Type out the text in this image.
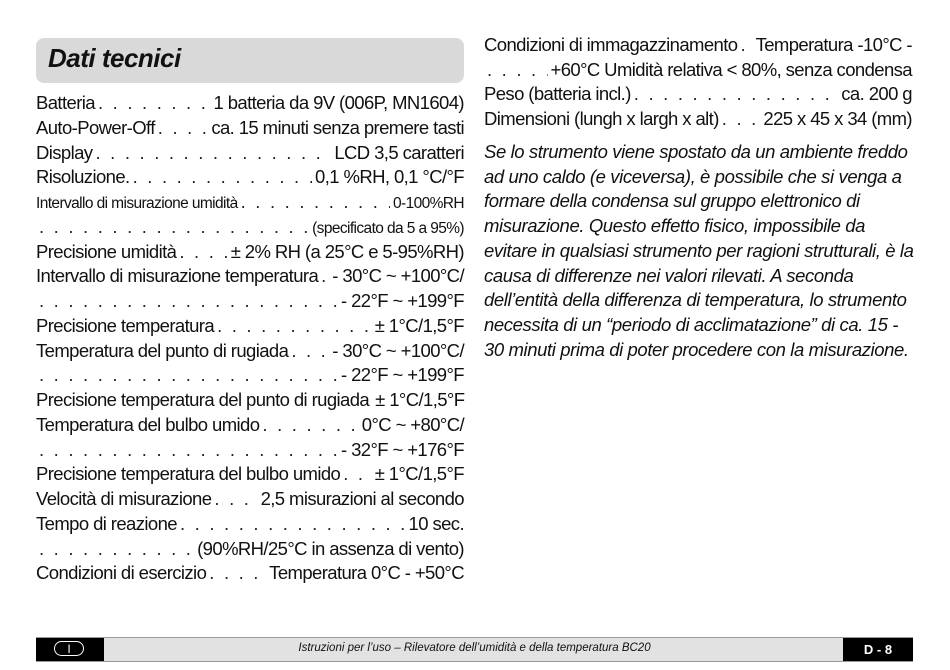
Dati tecnici
Batteria . . .	1 batteria da 9V (006P, MN1604)
Auto-Power-Off . . .	ca. 15 minuti senza premere tasti
Display . . .	LCD 3,5 caratteri
Risoluzione. . . .	0,1 %RH, 0,1 °C/°F
Intervallo di misurazione umidità . . .	0-100%RH
. . .
(specificato da 5 a 95%)
Precisione umidità . . .	± 2% RH (a 25°C e 5-95%RH)
Intervallo di misurazione temperatura . . . - 30°C ~ +100°C/
. . .
- 22°F ~ +199°F
Precisione temperatura . . .	± 1°C/1,5°F
Temperatura del punto di rugiada . . . - 30°C ~ +100°C/
. . .
- 22°F ~ +199°F
Precisione temperatura del punto di rugiada ± 1°C/1,5°F
Temperatura del bulbo umido . . .	0°C ~ +80°C/
. . .
- 32°F ~ +176°F
Precisione temperatura del bulbo umido . . . ± 1°C/1,5°F
Velocità di misurazione . . .	2,5 misurazioni al secondo
Tempo di reazione . . .	10 sec.
. . .
(90%RH/25°C in assenza di vento)
Condizioni di esercizio . . .	Temperatura 0°C - +50°C
Condizioni di immagazzinamento . . . Temperatura -10°C -
. . .
+60°C Umidità relativa < 80%, senza condensa
Peso (batteria incl.) . . .	ca. 200 g
Dimensioni (lungh x largh x alt) . . . 225 x 45 x 34 (mm)

Se lo strumento viene spostato da un ambiente freddo ad uno caldo (e viceversa), è possibile che si venga a formare della condensa sul gruppo elettronico di misurazione. Questo effetto fisico, impossibile da evitare in qualsiasi strumento per ragioni strutturali, è la causa di differenze nei valori rilevati. A seconda dell’entità della differenza di temperatura, lo strumento necessita di un “periodo di acclimatazione” di ca. 15 - 30 minuti prima di poter procedere con la misurazione.

I	Istruzioni per l’uso – Rilevatore dell’umidità e della temperatura BC20	D - 8
